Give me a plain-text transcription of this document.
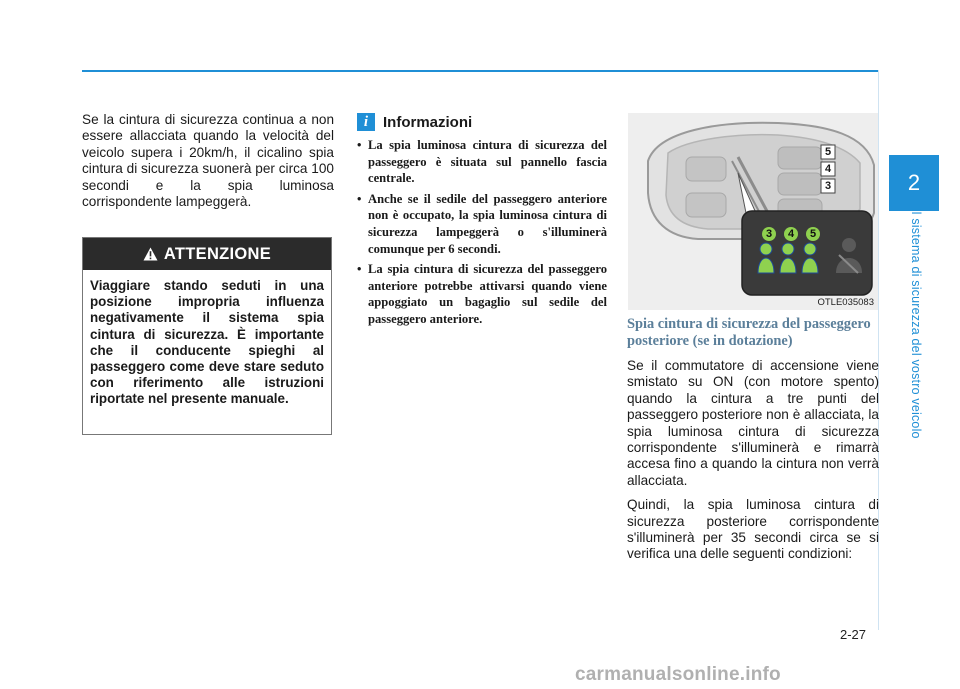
2
Il sistema di sicurezza del vostro veicolo

Se la cintura di sicurezza continua a non essere allacciata quando la velocità del veicolo supera i 20km/h, il cicalino spia cintura di sicurezza suonerà per circa 100 secondi e la spia luminosa corrispondente lampeggerà.

ATTENZIONE
Viaggiare stando seduti in una posizione impropria influenza negativamente il sistema spia cintura di sicurezza. È importante che il conducente spieghi al passeggero come deve stare seduto con riferimento alle istruzioni riportate nel presente manuale.
i Informazioni
• La spia luminosa cintura di sicurezza del passeggero è situata sul pannello fascia centrale.
• Anche se il sedile del passeggero anteriore non è occupato, la spia luminosa cintura di sicurezza lampeggerà o s'illuminerà comunque per 6 secondi.
• La spia cintura di sicurezza del passeggero anteriore potrebbe attivarsi quando viene appoggiato un bagaglio sul sedile del passeggero anteriore.
5
4
3
3	4	5
OTLE035083

Spia cintura di sicurezza del passeggero posteriore (se in dotazione)

Se il commutatore di accensione viene smistato su ON (con motore spento) quando la cintura a tre punti del passeggero posteriore non è allacciata, la spia luminosa cintura di sicurezza corrispondente s'illuminerà e rimarrà accesa fino a quando la cintura non verrà allacciata.

Quindi, la spia luminosa cintura di sicurezza posteriore corrispondente s'illuminerà per 35 secondi circa se si verifica una delle seguenti condizioni:

2-27
carmanualsonline.info
